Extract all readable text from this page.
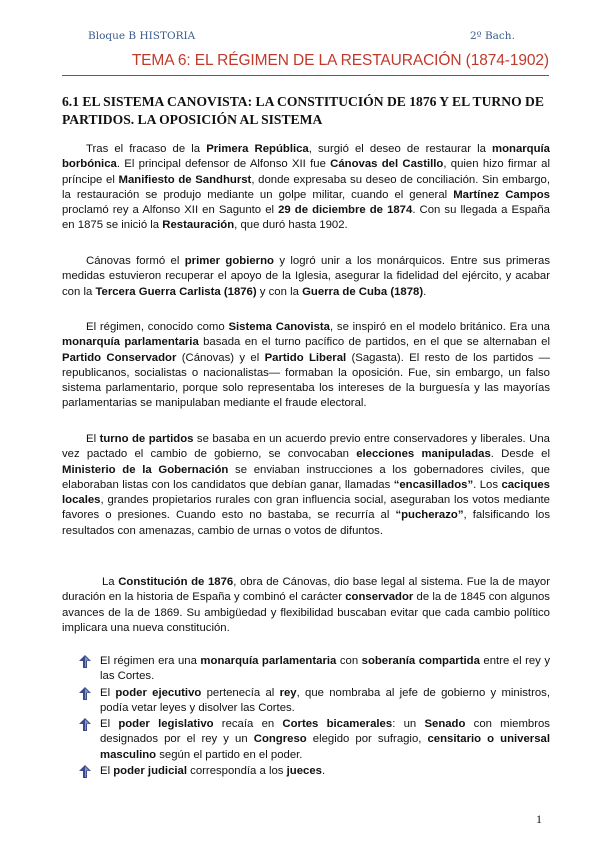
Bloque B HISTORIA	2º Bach.
TEMA 6: EL RÉGIMEN DE LA RESTAURACIÓN (1874-1902)
6.1 EL SISTEMA CANOVISTA: LA CONSTITUCIÓN DE 1876 Y EL TURNO DE PARTIDOS. LA OPOSICIÓN AL SISTEMA

Tras el fracaso de la Primera República, surgió el deseo de restaurar la monarquía borbónica. El principal defensor de Alfonso XII fue Cánovas del Castillo, quien hizo firmar al príncipe el Manifiesto de Sandhurst, donde expresaba su deseo de conciliación. Sin embargo, la restauración se produjo mediante un golpe militar, cuando el general Martínez Campos proclamó rey a Alfonso XII en Sagunto el 29 de diciembre de 1874. Con su llegada a España en 1875 se inició la Restauración, que duró hasta 1902.

Cánovas formó el primer gobierno y logró unir a los monárquicos. Entre sus primeras medidas estuvieron recuperar el apoyo de la Iglesia, asegurar la fidelidad del ejército, y acabar con la Tercera Guerra Carlista (1876) y con la Guerra de Cuba (1878).

El régimen, conocido como Sistema Canovista, se inspiró en el modelo británico. Era una monarquía parlamentaria basada en el turno pacífico de partidos, en el que se alternaban el Partido Conservador (Cánovas) y el Partido Liberal (Sagasta). El resto de los partidos —republicanos, socialistas o nacionalistas— formaban la oposición. Fue, sin embargo, un falso sistema parlamentario, porque solo representaba los intereses de la burguesía y las mayorías parlamentarias se manipulaban mediante el fraude electoral.

El turno de partidos se basaba en un acuerdo previo entre conservadores y liberales. Una vez pactado el cambio de gobierno, se convocaban elecciones manipuladas. Desde el Ministerio de la Gobernación se enviaban instrucciones a los gobernadores civiles, que elaboraban listas con los candidatos que debían ganar, llamadas “encasillados”. Los caciques locales, grandes propietarios rurales con gran influencia social, aseguraban los votos mediante favores o presiones. Cuando esto no bastaba, se recurría al “pucherazo”, falsificando los resultados con amenazas, cambio de urnas o votos de difuntos.

La Constitución de 1876, obra de Cánovas, dio base legal al sistema. Fue la de mayor duración en la historia de España y combinó el carácter conservador de la de 1845 con algunos avances de la de 1869. Su ambigüedad y flexibilidad buscaban evitar que cada cambio político implicara una nueva constitución.

El régimen era una monarquía parlamentaria con soberanía compartida entre el rey y las Cortes.
El poder ejecutivo pertenecía al rey, que nombraba al jefe de gobierno y ministros, podía vetar leyes y disolver las Cortes.
El poder legislativo recaía en Cortes bicamerales: un Senado con miembros designados por el rey y un Congreso elegido por sufragio, censitario o universal masculino según el partido en el poder.
El poder judicial correspondía a los jueces.
1
